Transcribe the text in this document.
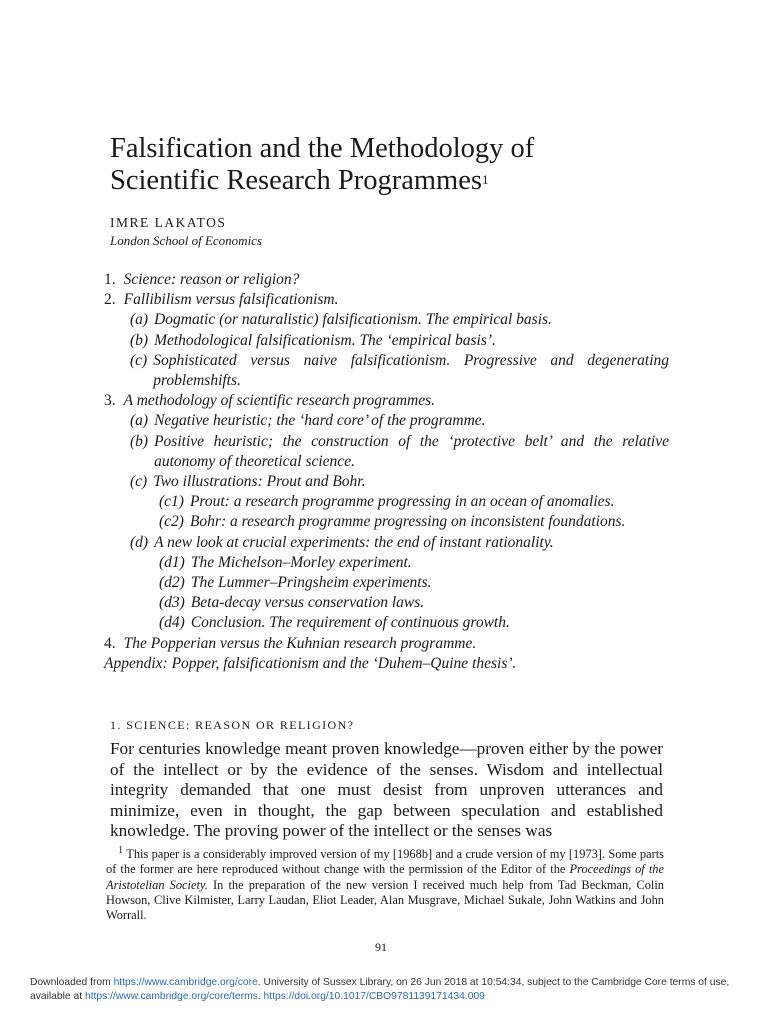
Falsification and the Methodology of
Scientific Research Programmes$^1$
IMRE LAKATOS
London School of Economics
1. Science: reason or religion?
2. Fallibilism versus falsificationism.
(a) Dogmatic (or naturalistic) falsificationism. The empirical basis.
(b) Methodological falsificationism. The ‘empirical basis’.
(c) Sophisticated versus naive falsificationism. Progressive and degenerating problemshifts.
3. A methodology of scientific research programmes.
(a) Negative heuristic; the ‘hard core’ of the programme.
(b) Positive heuristic; the construction of the ‘protective belt’ and the relative autonomy of theoretical science.
(c) Two illustrations: Prout and Bohr.
(c1) Prout: a research programme progressing in an ocean of anomalies.
(c2) Bohr: a research programme progressing on inconsistent foundations.
(d) A new look at crucial experiments: the end of instant rationality.
(d1) The Michelson–Morley experiment.
(d2) The Lummer–Pringsheim experiments.
(d3) Beta-decay versus conservation laws.
(d4) Conclusion. The requirement of continuous growth.
4. The Popperian versus the Kuhnian research programme.
Appendix: Popper, falsificationism and the ‘Duhem–Quine thesis’.
1. SCIENCE: REASON OR RELIGION?

For centuries knowledge meant proven knowledge—proven either by the power of the intellect or by the evidence of the senses. Wisdom and intellectual integrity demanded that one must desist from unproven utterances and minimize, even in thought, the gap between speculation and established knowledge. The proving power of the intellect or the senses was

$^1$ This paper is a considerably improved version of my [1968b] and a crude version of my [1973]. Some parts of the former are here reproduced without change with the permission of the Editor of the Proceedings of the Aristotelian Society. In the preparation of the new version I received much help from Tad Beckman, Colin Howson, Clive Kilmister, Larry Laudan, Eliot Leader, Alan Musgrave, Michael Sukale, John Watkins and John Worrall.

91
Downloaded from https://www.cambridge.org/core. University of Sussex Library, on 26 Jun 2018 at 10:54:34, subject to the Cambridge Core terms of use, available at https://www.cambridge.org/core/terms. https://doi.org/10.1017/CBO9781139171434.009
